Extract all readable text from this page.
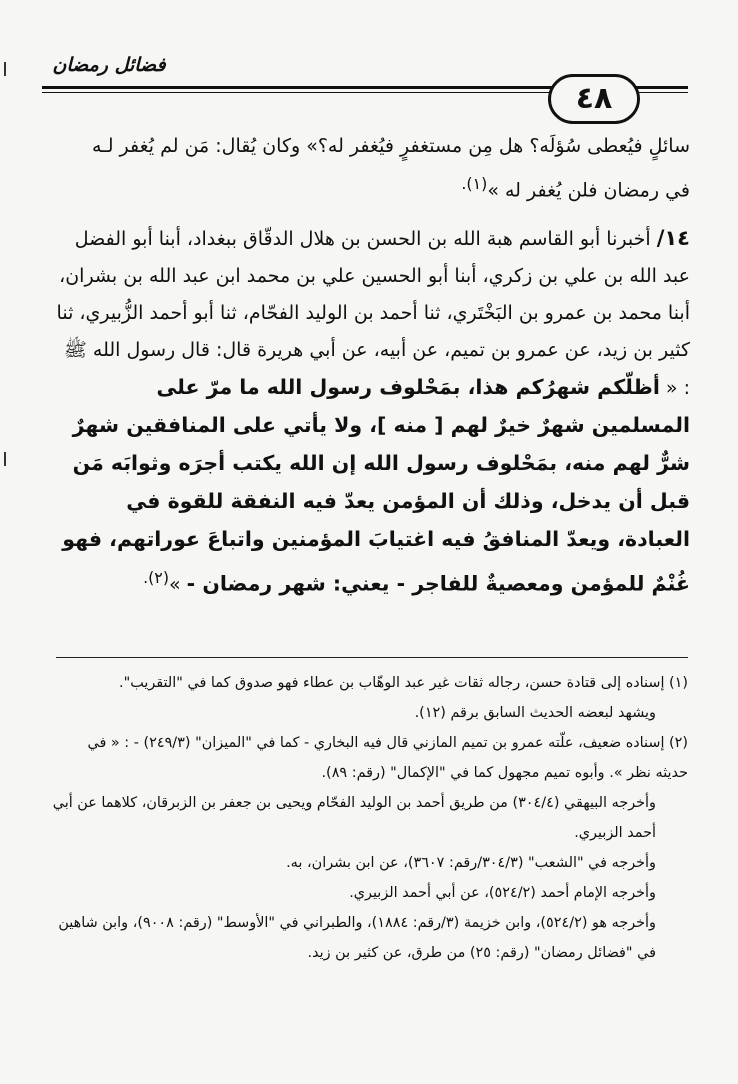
فضائل رمضان
٤٨

سائلٍ فيُعطى سُؤلَه؟ هل مِن مستغفرٍ فيُغفر له؟» وكان يُقال: مَن لم يُغفر لـه

في رمضان فلن يُغفر له »$^{(١).}$

١٤/ أخبرنا أبو القاسم هبة الله بن الحسن بن هلال الدقّاق ببغداد، أبنا أبو الفضل عبد الله بن علي بن زكري، أبنا أبو الحسين علي بن محمد ابن عبد الله بن بشران، أبنا محمد بن عمرو بن البَخْتَري، ثنا أحمد بن الوليد الفحّام، ثنا أبو أحمد الزُّبيري، ثنا كثير بن زيد، عن عمرو بن تميم، عن أبيه، عن أبي هريرة قال: قال رسول الله ﷺ : « أظلّكم شهرُكم هذا، بمَحْلوف رسول الله ما مرّ على المسلمين شهرٌ خيرٌ لهم [ منه ]، ولا يأتي على المنافقين شهرٌ شرٌّ لهم منه، بمَحْلوف رسول الله إن الله يكتب أجرَه وثوابَه مَن قبل أن يدخل، وذلك أن المؤمن يعدّ فيه النفقة للقوة في العبادة، ويعدّ المنافقُ فيه اغتيابَ المؤمنين واتباعَ عوراتهم، فهو غُنْمٌ للمؤمن ومعصيةٌ للفاجر - يعني: شهر رمضان - »$^{(٢).}$

(١) إسناده إلى قتادة حسن، رجاله ثقات غير عبد الوهّاب بن عطاء فهو صدوق كما في "التقريب".

ويشهد لبعضه الحديث السابق برقم (١٢).

(٢) إسناده ضعيف، علّته عمرو بن تميم المازني قال فيه البخاري - كما في "الميزان" (٢٤٩/٣) - : « في حديثه نظر ». وأبوه تميم مجهول كما في "الإكمال" (رقم: ٨٩).

وأخرجه البيهقي (٣٠٤/٤) من طريق أحمد بن الوليد الفحّام ويحيى بن جعفر بن الزبرقان، كلاهما عن أبي أحمد الزبيري.

وأخرجه في "الشعب" (٣٠٤/٣/رقم: ٣٦٠٧)، عن ابن بشران، به.

وأخرجه الإمام أحمد (٥٢٤/٢)، عن أبي أحمد الزبيري.

وأخرجه هو (٥٢٤/٢)، وابن خزيمة (٣/رقم: ١٨٨٤)، والطبراني في "الأوسط" (رقم: ٩٠٠٨)، وابن شاهين في "فضائل رمضان" (رقم: ٢٥) من طرق، عن كثير بن زيد.
